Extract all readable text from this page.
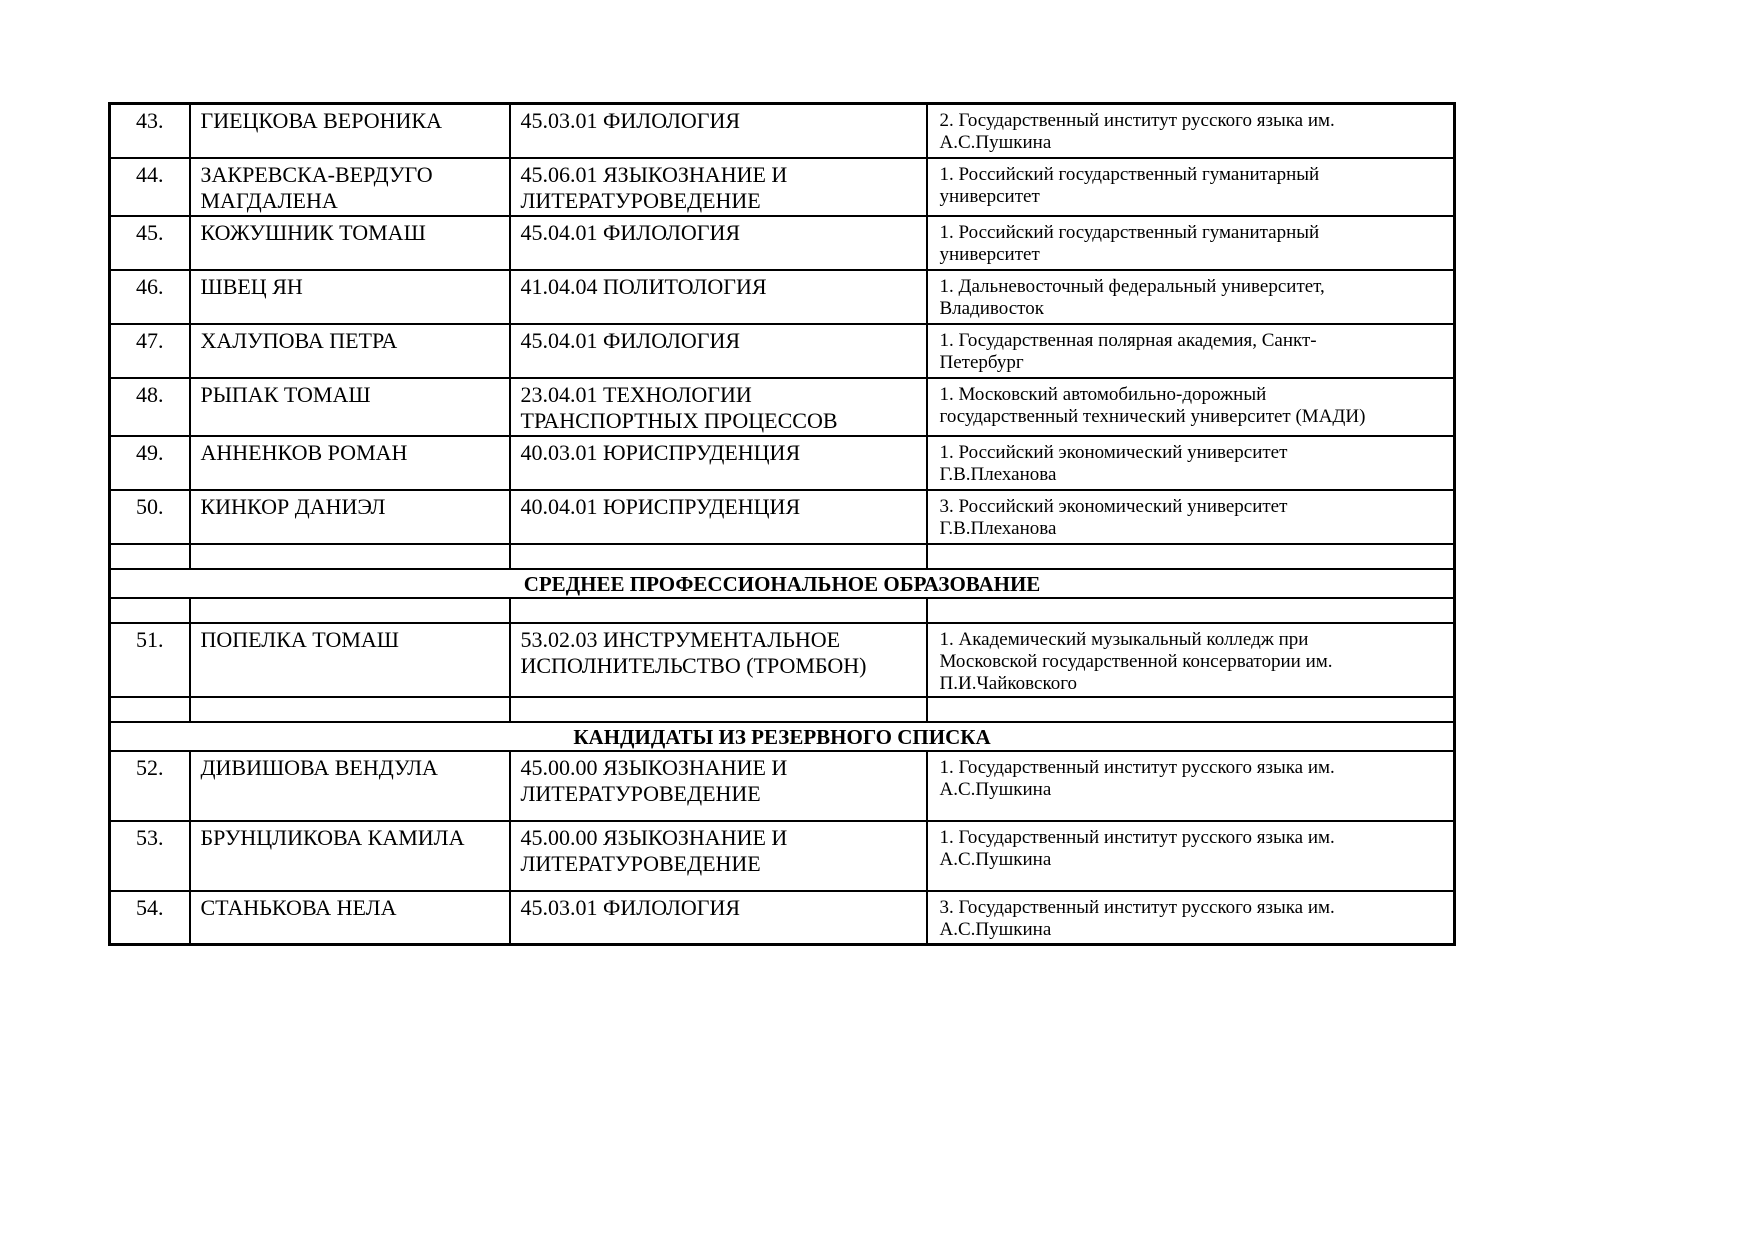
43.	ГИЕЦКОВА ВЕРОНИКА	45.03.01 ФИЛОЛОГИЯ	2. Государственный институт русского языка им. А.С.Пушкина
44.	ЗАКРЕВСКА-ВЕРДУГО МАГДАЛЕНА	45.06.01 ЯЗЫКОЗНАНИЕ И ЛИТЕРАТУРОВЕДЕНИЕ	1. Российский государственный гуманитарный университет
45.	КОЖУШНИК ТОМАШ	45.04.01 ФИЛОЛОГИЯ	1. Российский государственный гуманитарный университет
46.	ШВЕЦ ЯН	41.04.04 ПОЛИТОЛОГИЯ	1. Дальневосточный федеральный университет, Владивосток
47.	ХАЛУПОВА ПЕТРА	45.04.01 ФИЛОЛОГИЯ	1. Государственная полярная академия, Санкт-Петербург
48.	РЫПАК ТОМАШ	23.04.01 ТЕХНОЛОГИИ ТРАНСПОРТНЫХ ПРОЦЕССОВ	1. Московский автомобильно-дорожный государственный технический университет (МАДИ)
49.	АННЕНКОВ РОМАН	40.03.01 ЮРИСПРУДЕНЦИЯ	1. Российский экономический университет Г.В.Плеханова
50.	КИНКОР ДАНИЭЛ	40.04.01 ЮРИСПРУДЕНЦИЯ	3. Российский экономический университет Г.В.Плеханова

СРЕДНЕЕ ПРОФЕССИОНАЛЬНОЕ ОБРАЗОВАНИЕ			

51.	ПОПЕЛКА ТОМАШ	53.02.03 ИНСТРУМЕНТАЛЬНОЕ ИСПОЛНИТЕЛЬСТВО (ТРОМБОН)	1. Академический музыкальный колледж при Московской государственной консерватории им. П.И.Чайковского

КАНДИДАТЫ ИЗ РЕЗЕРВНОГО СПИСКА			
52.	ДИВИШОВА ВЕНДУЛА	45.00.00 ЯЗЫКОЗНАНИЕ И ЛИТЕРАТУРОВЕДЕНИЕ	1. Государственный институт русского языка им. А.С.Пушкина
53.	БРУНЦЛИКОВА КАМИЛА	45.00.00 ЯЗЫКОЗНАНИЕ И ЛИТЕРАТУРОВЕДЕНИЕ	1. Государственный институт русского языка им. А.С.Пушкина
54.	СТАНЬКОВА НЕЛА	45.03.01 ФИЛОЛОГИЯ	3. Государственный институт русского языка им. А.С.Пушкина
